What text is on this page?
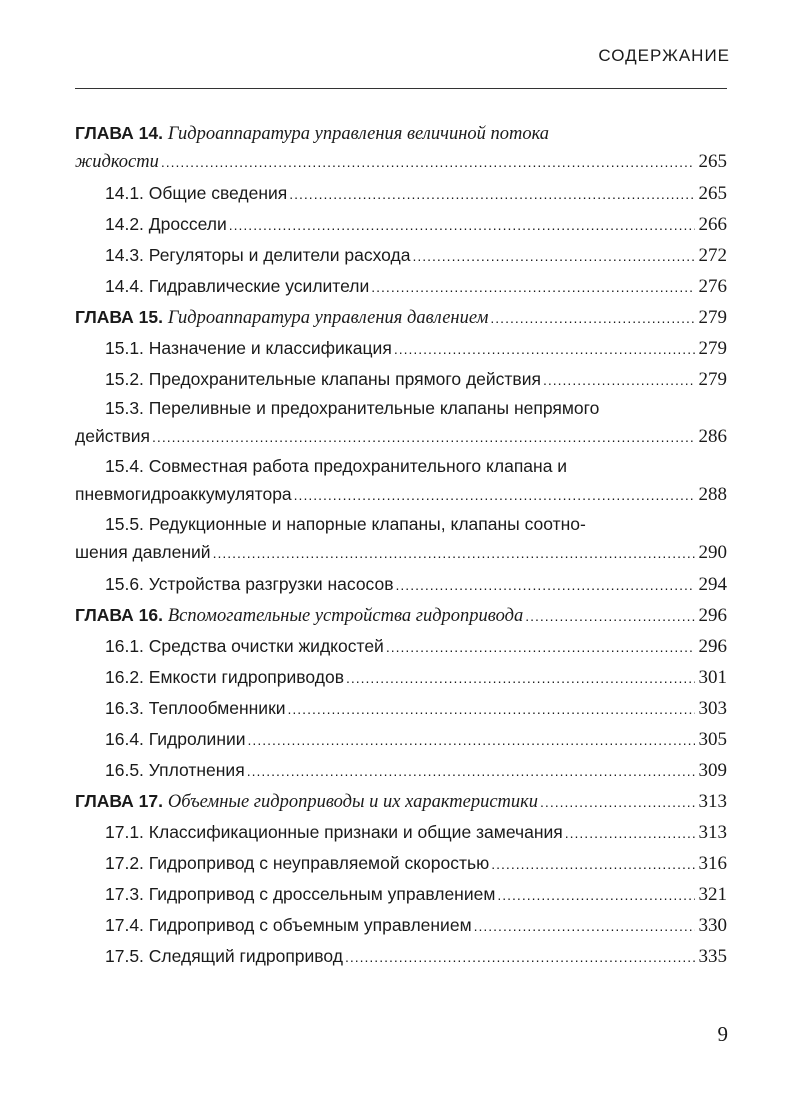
СОДЕРЖАНИЕ
ГЛАВА 14. Гидроаппаратура управления величиной потока
жидкости .....	265
14.1. Общие сведения .....	265
14.2. Дроссели .....	266
14.3. Регуляторы и делители расхода .....	272
14.4. Гидравлические усилители .....	276
ГЛАВА 15. Гидроаппаратура управления давлением .....	279
15.1. Назначение и классификация .....	279
15.2. Предохранительные клапаны прямого действия .....	279
15.3. Переливные и предохранительные клапаны непрямого
действия .....	286
15.4. Совместная работа предохранительного клапана и
пневмогидроаккумулятора .....	288
15.5. Редукционные и напорные клапаны, клапаны соотно-
шения давлений .....	290
15.6. Устройства разгрузки насосов .....	294
ГЛАВА 16. Вспомогательные устройства гидропривода .....	296
16.1. Средства очистки жидкостей .....	296
16.2. Емкости гидроприводов .....	301
16.3. Теплообменники .....	303
16.4. Гидролинии .....	305
16.5. Уплотнения .....	309
ГЛАВА 17. Объемные гидроприводы и их характеристики .....	313
17.1. Классификационные признаки и общие замечания .....	313
17.2. Гидропривод с неуправляемой скоростью .....	316
17.3. Гидропривод с дроссельным управлением .....	321
17.4. Гидропривод с объемным управлением .....	330
17.5. Следящий гидропривод .....	335
9
